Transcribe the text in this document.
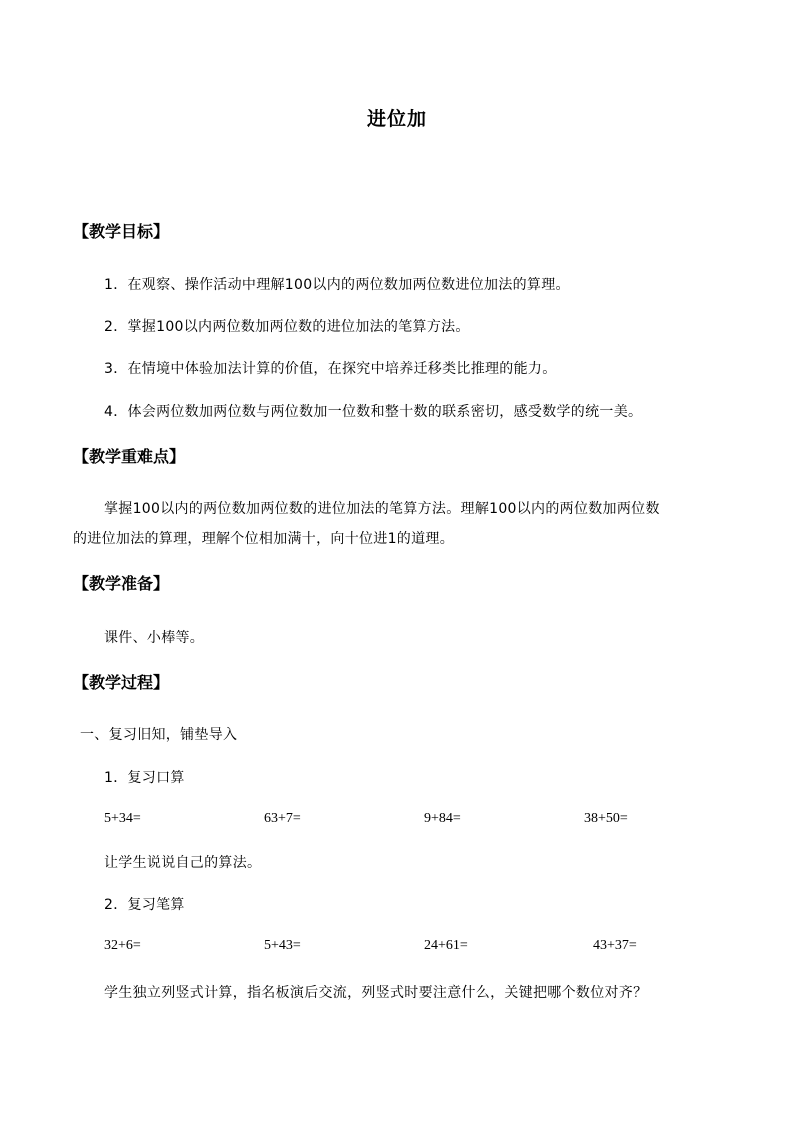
进位加
【教学目标】
1．在观察、操作活动中理解100以内的两位数加两位数进位加法的算理。
2．掌握100以内两位数加两位数的进位加法的笔算方法。
3．在情境中体验加法计算的价值，在探究中培养迁移类比推理的能力。
4．体会两位数加两位数与两位数加一位数和整十数的联系密切，感受数学的统一美。
【教学重难点】
掌握100以内的两位数加两位数的进位加法的笔算方法。理解100以内的两位数加两位数
的进位加法的算理，理解个位相加满十，向十位进1的道理。
【教学准备】
课件、小棒等。
【教学过程】
一、复习旧知，铺垫导入
1．复习口算
5+34=	63+7=	9+84=	38+50=
让学生说说自己的算法。
2．复习笔算
32+6=	5+43=	24+61=	43+37=
学生独立列竖式计算，指名板演后交流，列竖式时要注意什么，关键把哪个数位对齐？
